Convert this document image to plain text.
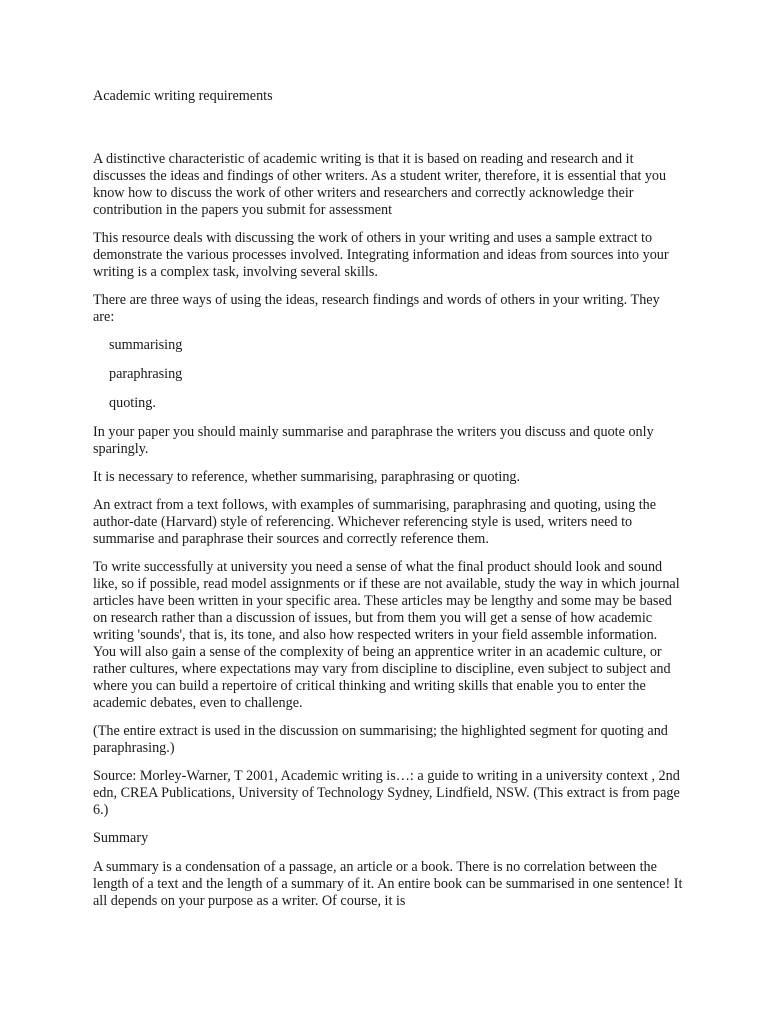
Academic writing requirements

A distinctive characteristic of academic writing is that it is based on reading and research and it discusses the ideas and findings of other writers. As a student writer, therefore, it is essential that you know how to discuss the work of other writers and researchers and correctly acknowledge their contribution in the papers you submit for assessment

This resource deals with discussing the work of others in your writing and uses a sample extract to demonstrate the various processes involved. Integrating information and ideas from sources into your writing is a complex task, involving several skills.

There are three ways of using the ideas, research findings and words of others in your writing. They are:

summarising
paraphrasing
quoting.

In your paper you should mainly summarise and paraphrase the writers you discuss and quote only sparingly.

It is necessary to reference, whether summarising, paraphrasing or quoting.

An extract from a text follows, with examples of summarising, paraphrasing and quoting, using the author-date (Harvard) style of referencing. Whichever referencing style is used, writers need to summarise and paraphrase their sources and correctly reference them.

To write successfully at university you need a sense of what the final product should look and sound like, so if possible, read model assignments or if these are not available, study the way in which journal articles have been written in your specific area. These articles may be lengthy and some may be based on research rather than a discussion of issues, but from them you will get a sense of how academic writing 'sounds', that is, its tone, and also how respected writers in your field assemble information. You will also gain a sense of the complexity of being an apprentice writer in an academic culture, or rather cultures, where expectations may vary from discipline to discipline, even subject to subject and where you can build a repertoire of critical thinking and writing skills that enable you to enter the academic debates, even to challenge.

(The entire extract is used in the discussion on summarising; the highlighted segment for quoting and paraphrasing.)

Source: Morley-Warner, T 2001, Academic writing is…: a guide to writing in a university context , 2nd edn, CREA Publications, University of Technology Sydney, Lindfield, NSW. (This extract is from page 6.)

Summary

A summary is a condensation of a passage, an article or a book. There is no correlation between the length of a text and the length of a summary of it. An entire book can be summarised in one sentence! It all depends on your purpose as a writer. Of course, it is
